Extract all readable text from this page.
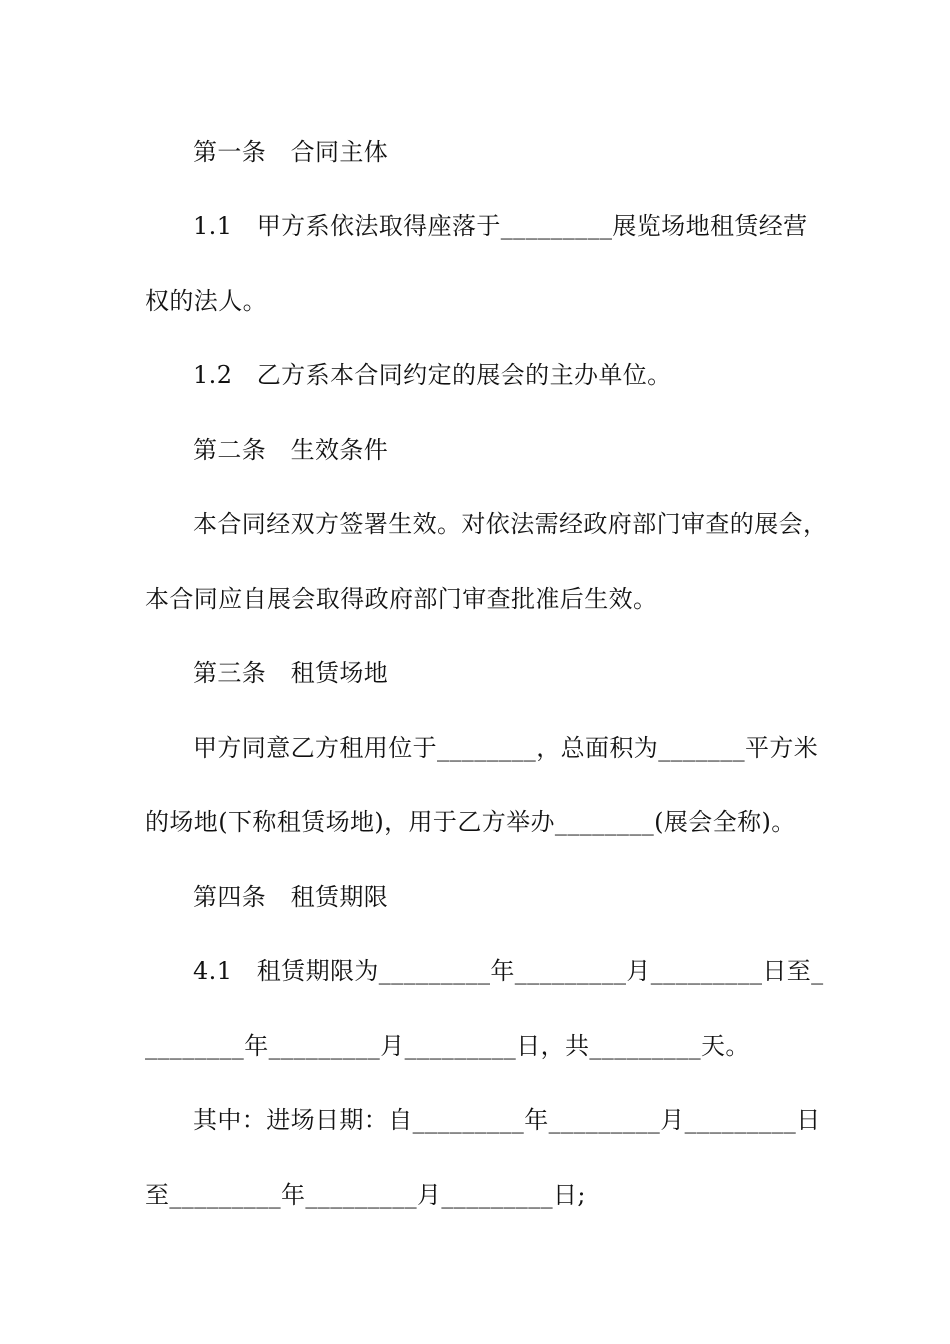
第一条　合同主体
1.1　甲方系依法取得座落于_________展览场地租赁经营
权的法人。
1.2　乙方系本合同约定的展会的主办单位。
第二条　生效条件
本合同经双方签署生效。对依法需经政府部门审查的展会，
本合同应自展会取得政府部门审查批准后生效。
第三条　租赁场地
甲方同意乙方租用位于________，总面积为_______平方米
的场地(下称租赁场地)，用于乙方举办________(展会全称)。
第四条　租赁期限
4.1　租赁期限为_________年_________月_________日至_
________年_________月_________日，共_________天。
其中：进场日期：自_________年_________月_________日
至_________年_________月_________日;
